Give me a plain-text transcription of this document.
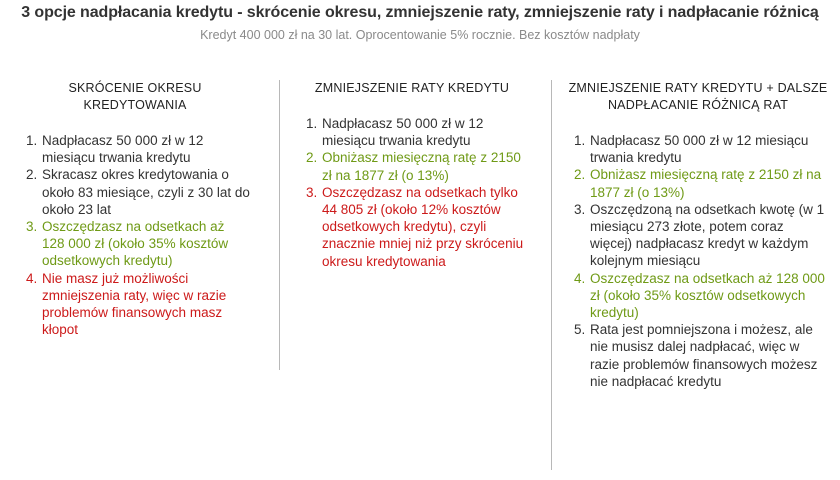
3 opcje nadpłacania kredytu - skrócenie okresu, zmniejszenie raty, zmniejszenie raty i nadpłacanie różnicą
Kredyt 400 000 zł na 30 lat. Oprocentowanie 5% rocznie. Bez kosztów nadpłaty
SKRÓCENIE OKRESU KREDYTOWANIA
1. Nadpłacasz 50 000 zł w 12 miesiącu trwania kredytu
2. Skracasz okres kredytowania o około 83 miesiące, czyli z 30 lat do około 23 lat
3. Oszczędzasz na odsetkach aż 128 000 zł (około 35% kosztów odsetkowych kredytu)
4. Nie masz już możliwości zmniejszenia raty, więc w razie problemów finansowych masz kłopot
ZMNIEJSZENIE RATY KREDYTU
1. Nadpłacasz 50 000 zł w 12 miesiącu trwania kredytu
2. Obniżasz miesięczną ratę z 2150 zł na 1877 zł (o 13%)
3. Oszczędzasz na odsetkach tylko 44 805 zł (około 12% kosztów odsetkowych kredytu), czyli znacznie mniej niż przy skróceniu okresu kredytowania
ZMNIEJSZENIE RATY KREDYTU + DALSZE NADPŁACANIE RÓŻNICĄ RAT
1. Nadpłacasz 50 000 zł w 12 miesiącu trwania kredytu
2. Obniżasz miesięczną ratę z 2150 zł na 1877 zł (o 13%)
3. Oszczędzoną na odsetkach kwotę (w 1 miesiącu 273 złote, potem coraz więcej) nadpłacasz kredyt w każdym kolejnym miesiącu
4. Oszczędzasz na odsetkach aż 128 000 zł (około 35% kosztów odsetkowych kredytu)
5. Rata jest pomniejszona i możesz, ale nie musisz dalej nadpłacać, więc w razie problemów finansowych możesz nie nadpłacać kredytu
